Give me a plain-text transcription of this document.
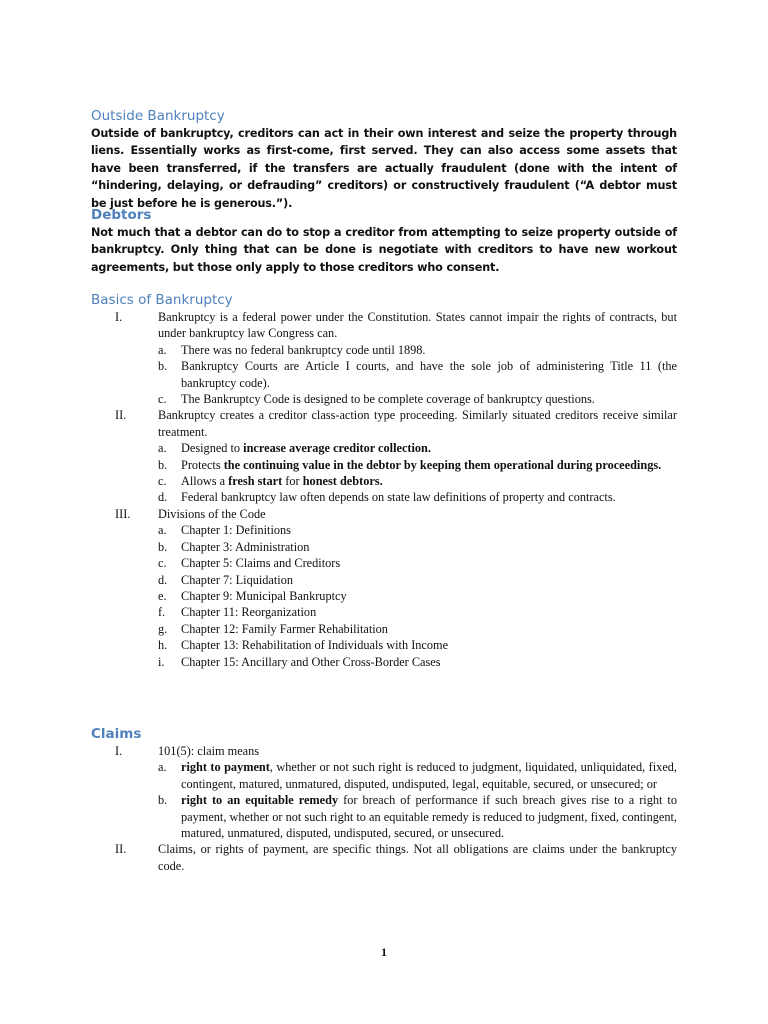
Outside Bankruptcy

Outside of bankruptcy, creditors can act in their own interest and seize the property through liens. Essentially works as first-come, first served. They can also access some assets that have been transferred, if the transfers are actually fraudulent (done with the intent of “hindering, delaying, or defrauding” creditors) or constructively fraudulent (“A debtor must be just before he is generous.”).

Debtors

Not much that a debtor can do to stop a creditor from attempting to seize property outside of bankruptcy. Only thing that can be done is negotiate with creditors to have new workout agreements, but those only apply to those creditors who consent.

Basics of Bankruptcy
I.	Bankruptcy is a federal power under the Constitution. States cannot impair the rights of contracts, but under bankruptcy law Congress can.
a. There was no federal bankruptcy code until 1898.
b. Bankruptcy Courts are Article I courts, and have the sole job of administering Title 11 (the bankruptcy code).
c. The Bankruptcy Code is designed to be complete coverage of bankruptcy questions.
II.	Bankruptcy creates a creditor class-action type proceeding. Similarly situated creditors receive similar treatment.
a. Designed to increase average creditor collection.
b. Protects the continuing value in the debtor by keeping them operational during proceedings.
c. Allows a fresh start for honest debtors.
d. Federal bankruptcy law often depends on state law definitions of property and contracts.
III. Divisions of the Code
a. Chapter 1: Definitions
b. Chapter 3: Administration
c. Chapter 5: Claims and Creditors
d. Chapter 7: Liquidation
e. Chapter 9: Municipal Bankruptcy
f. Chapter 11: Reorganization
g. Chapter 12: Family Farmer Rehabilitation
h. Chapter 13: Rehabilitation of Individuals with Income
i. Chapter 15: Ancillary and Other Cross-Border Cases
Claims
I.	101(5): claim means
a. right to payment, whether or not such right is reduced to judgment, liquidated, unliquidated, fixed, contingent, matured, unmatured, disputed, undisputed, legal, equitable, secured, or unsecured; or
b. right to an equitable remedy for breach of performance if such breach gives rise to a right to payment, whether or not such right to an equitable remedy is reduced to judgment, fixed, contingent, matured, unmatured, disputed, undisputed, secured, or unsecured.
II.	Claims, or rights of payment, are specific things. Not all obligations are claims under the bankruptcy code.
1
